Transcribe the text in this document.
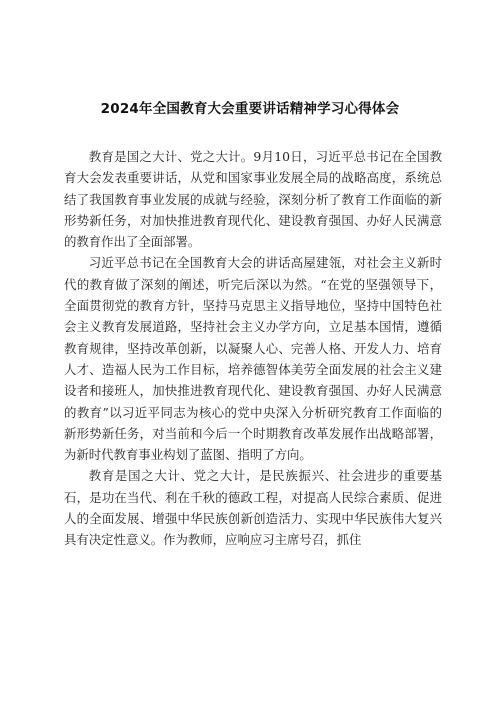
2024年全国教育大会重要讲话精神学习心得体会

教育是国之大计、党之大计。9月10日，习近平总书记在全国教育大会发表重要讲话，从党和国家事业发展全局的战略高度，系统总结了我国教育事业发展的成就与经验，深刻分析了教育工作面临的新形势新任务，对加快推进教育现代化、建设教育强国、办好人民满意的教育作出了全面部署。

习近平总书记在全国教育大会的讲话高屋建瓴，对社会主义新时代的教育做了深刻的阐述，听完后深以为然。“在党的坚强领导下，全面贯彻党的教育方针，坚持马克思主义指导地位，坚持中国特色社会主义教育发展道路，坚持社会主义办学方向，立足基本国情，遵循教育规律，坚持改革创新，以凝聚人心、完善人格、开发人力、培育人才、造福人民为工作目标，培养德智体美劳全面发展的社会主义建设者和接班人，加快推进教育现代化、建设教育强国、办好人民满意的教育”以习近平同志为核心的党中央深入分析研究教育工作面临的新形势新任务，对当前和今后一个时期教育改革发展作出战略部署，为新时代教育事业构划了蓝图、指明了方向。

教育是国之大计、党之大计，是民族振兴、社会进步的重要基石，是功在当代、利在千秋的德政工程，对提高人民综合素质、促进人的全面发展、增强中华民族创新创造活力、实现中华民族伟大复兴具有决定性意义。作为教师，应响应习主席号召，抓住
